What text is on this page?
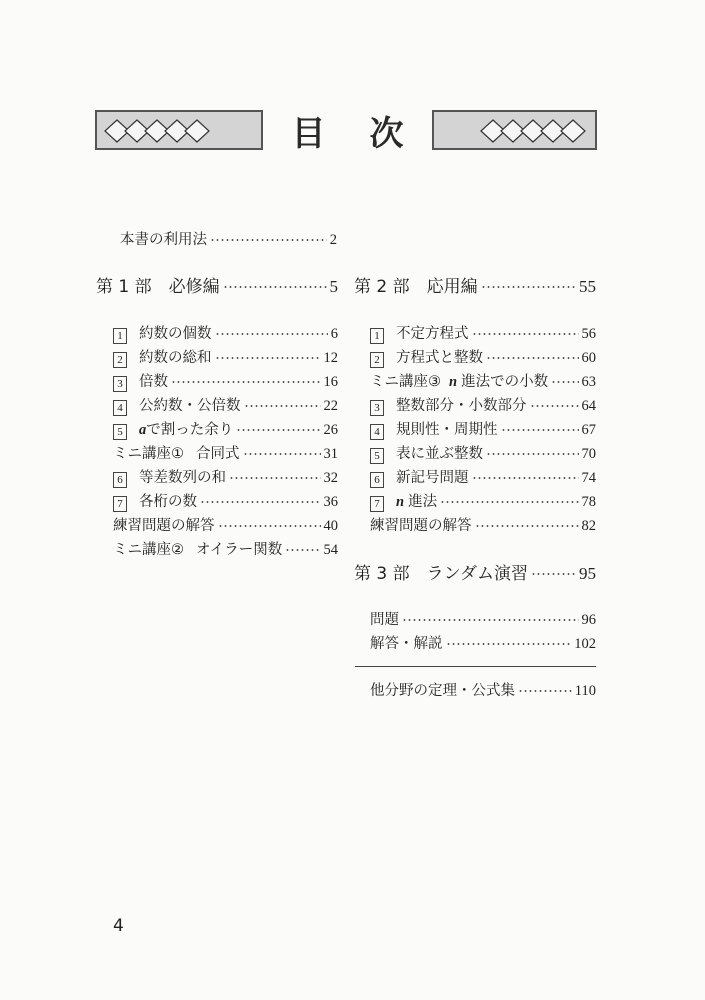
目 次
本書の利用法	2
第 1 部　必修編	5
1 約数の個数	6
2 約数の総和	12
3 倍数	16
4 公約数・公倍数	22
5 a で割った余り	26
ミニ講座① 合同式	31
6 等差数列の和	32
7 各桁の数	36
練習問題の解答	40
ミニ講座② オイラー関数	54
第 2 部　応用編	55
1 不定方程式	56
2 方程式と整数	60
ミニ講座③ n 進法での小数 63
3 整数部分・小数部分	64
4 規則性・周期性	67
5 表に並ぶ整数	70
6 新記号問題	74
7 n 進法	78
練習問題の解答	82
第 3 部　ランダム演習	95
問題	96
解答・解説	102
他分野の定理・公式集	110
4
